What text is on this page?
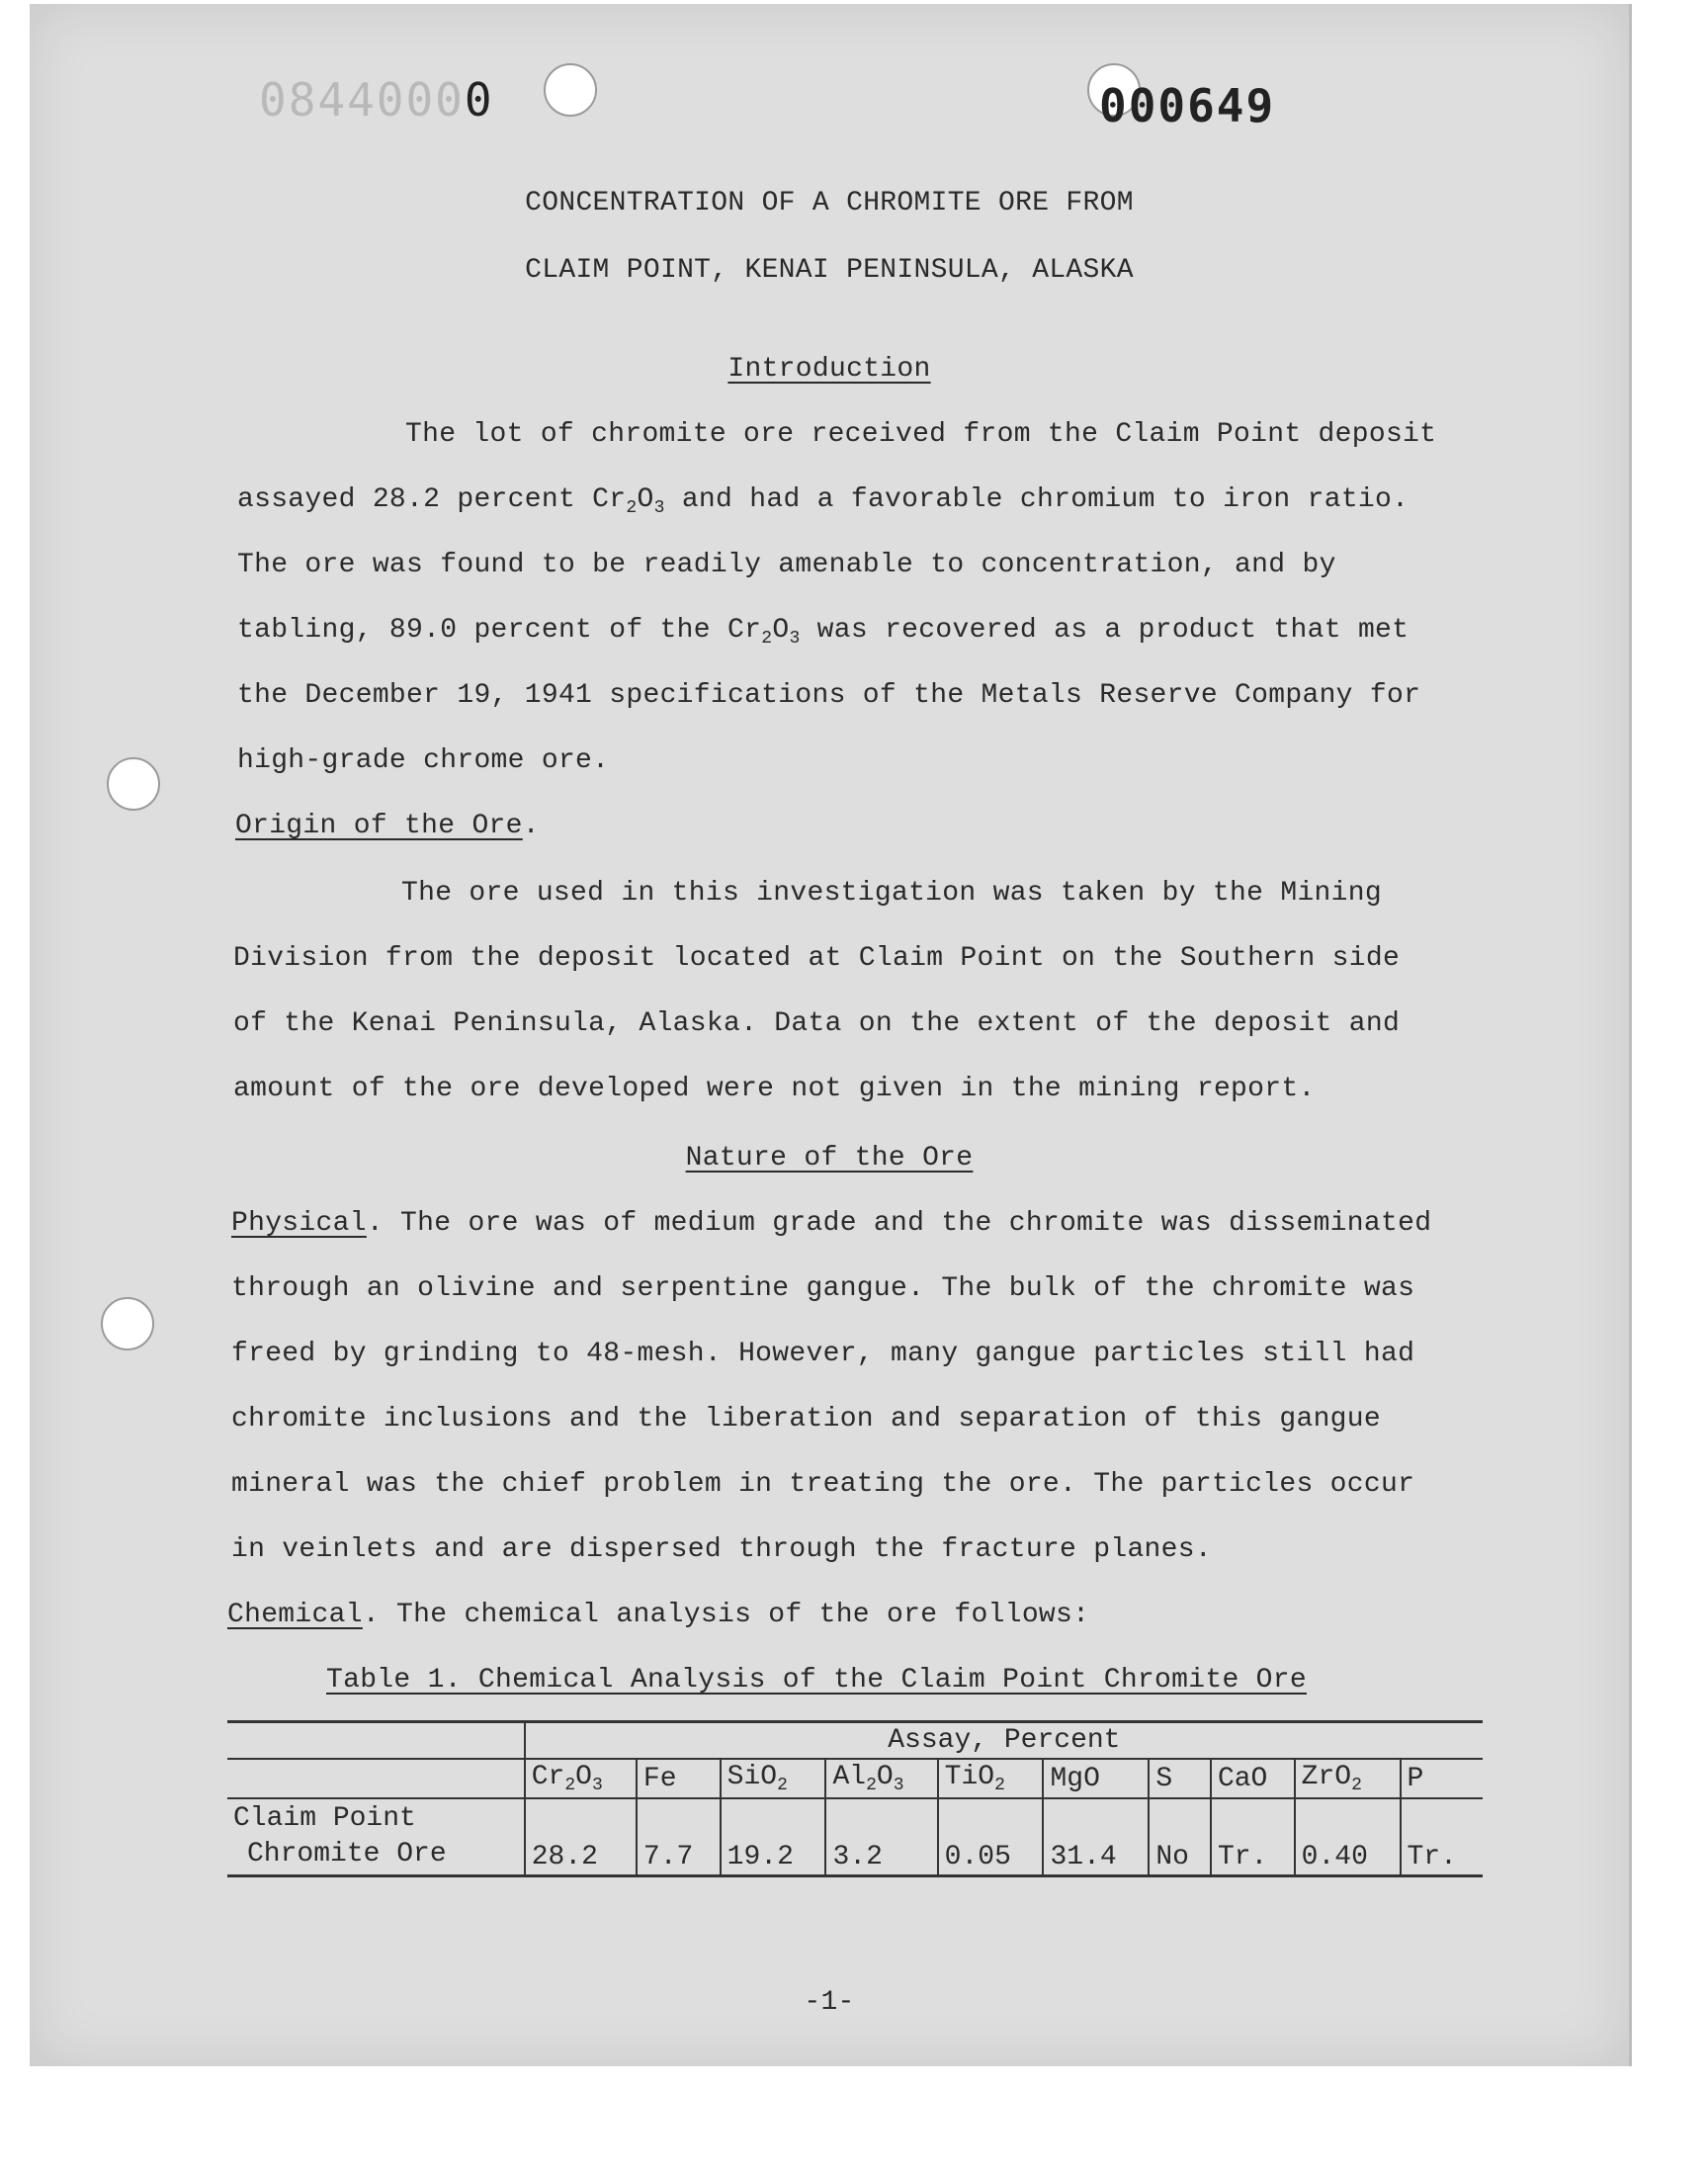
08440000	000649
CONCENTRATION OF A CHROMITE ORE FROM
CLAIM POINT, KENAI PENINSULA, ALASKA
Introduction
The lot of chromite ore received from the Claim Point deposit
assayed 28.2 percent $Cr_2O_3$ and had a favorable chromium to iron ratio.
The ore was found to be readily amenable to concentration, and by
tabling, 89.0 percent of the $Cr_2O_3$ was recovered as a product that met
the December 19, 1941 specifications of the Metals Reserve Company for
high-grade chrome ore.
Origin of the Ore.
The ore used in this investigation was taken by the Mining
Division from the deposit located at Claim Point on the Southern side
of the Kenai Peninsula, Alaska. Data on the extent of the deposit and
amount of the ore developed were not given in the mining report.
Nature of the Ore
Physical. The ore was of medium grade and the chromite was disseminated
through an olivine and serpentine gangue. The bulk of the chromite was
freed by grinding to 48-mesh. However, many gangue particles still had
chromite inclusions and the liberation and separation of this gangue
mineral was the chief problem in treating the ore. The particles occur
in veinlets and are dispersed through the fracture planes.
Chemical. The chemical analysis of the ore follows:
Table 1. Chemical Analysis of the Claim Point Chromite Ore
	Assay, Percent									
	$Cr_2O_3$	Fe	SiO$_2$	$Al_2O_3$	TiO$_2$	MgO	S	CaO	ZrO$_2$	P

Claim Point
Chromite Ore	28.2	7.7	19.2	3.2	0.05	31.4	No	Tr.	0.40	Tr.
-1-
